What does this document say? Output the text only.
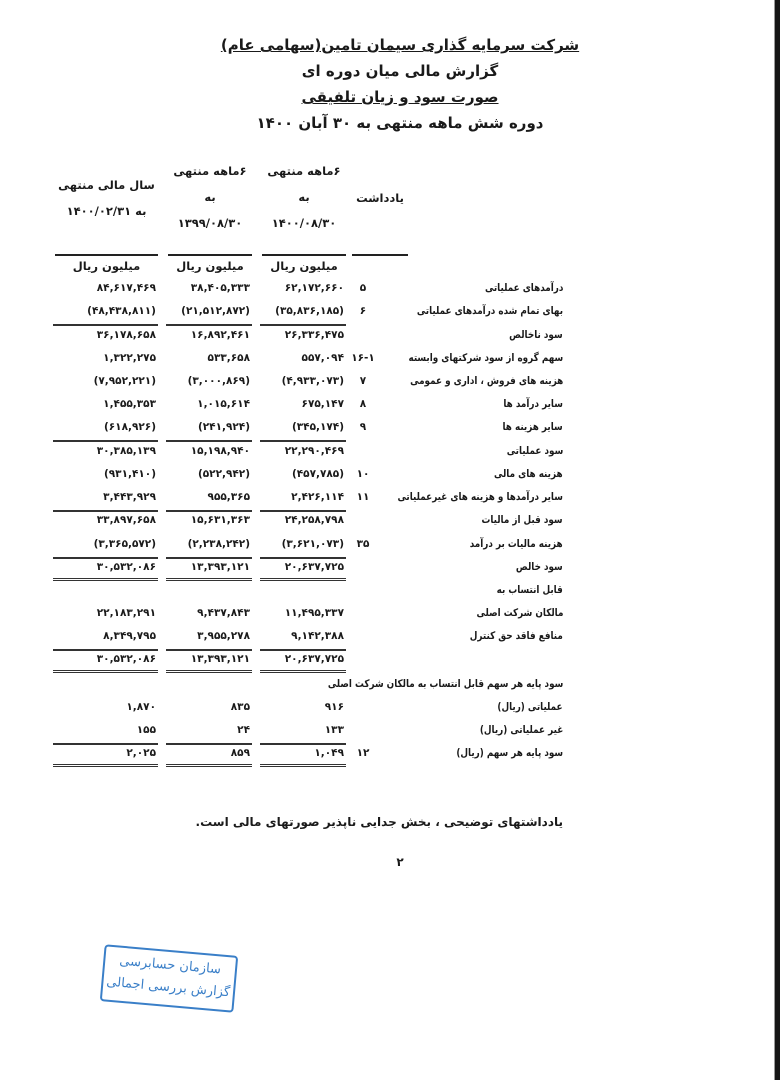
شرکت سرمایه گذاری سیمان تامین(سهامی عام)
گزارش مالی میان دوره ای
صورت سود و زیان تلفیقی
دوره شش ماهه منتهی به ۳۰ آبان ۱۴۰۰
یادداشت
۶ماهه منتهی
به
۱۴۰۰/۰۸/۳۰
۶ماهه منتهی
به
۱۳۹۹/۰۸/۳۰
سال مالی منتهی
به ۱۴۰۰/۰۲/۳۱
میلیون ریال
میلیون ریال
میلیون ریال
درآمدهای عملیاتی
۵
۶۲,۱۷۲,۶۶۰
۳۸,۴۰۵,۳۳۳
۸۴,۶۱۷,۴۶۹
بهای تمام شده درآمدهای عملیاتی
۶
(۳۵,۸۳۶,۱۸۵)
(۲۱,۵۱۲,۸۷۲)
(۴۸,۴۳۸,۸۱۱)
سود ناخالص
۲۶,۳۳۶,۴۷۵
۱۶,۸۹۲,۴۶۱
۳۶,۱۷۸,۶۵۸
سهم گروه از سود شرکتهای وابسته
۱۶-۱
۵۵۷,۰۹۴
۵۳۳,۶۵۸
۱,۳۲۲,۲۷۵
هزینه های فروش ، اداری و عمومی
۷
(۴,۹۳۳,۰۷۳)
(۳,۰۰۰,۸۶۹)
(۷,۹۵۲,۲۲۱)
سایر درآمد ها
۸
۶۷۵,۱۴۷
۱,۰۱۵,۶۱۴
۱,۴۵۵,۳۵۳
سایر هزینه ها
۹
(۳۴۵,۱۷۴)
(۲۴۱,۹۲۴)
(۶۱۸,۹۲۶)
سود عملیاتی
۲۲,۲۹۰,۴۶۹
۱۵,۱۹۸,۹۴۰
۳۰,۳۸۵,۱۳۹
هزینه های مالی
۱۰
(۴۵۷,۷۸۵)
(۵۲۲,۹۴۲)
(۹۳۱,۴۱۰)
سایر درآمدها و هزینه های غیرعملیاتی
۱۱
۲,۴۲۶,۱۱۴
۹۵۵,۳۶۵
۳,۴۴۳,۹۲۹
سود قبل از مالیات
۲۴,۲۵۸,۷۹۸
۱۵,۶۳۱,۳۶۳
۳۳,۸۹۷,۶۵۸
هزینه مالیات بر درآمد
۳۵
(۳,۶۲۱,۰۷۳)
(۲,۲۳۸,۲۴۲)
(۳,۳۶۵,۵۷۲)
سود خالص
۲۰,۶۳۷,۷۲۵
۱۳,۳۹۳,۱۲۱
۳۰,۵۳۲,۰۸۶
قابل انتساب به
مالکان شرکت اصلی
۱۱,۴۹۵,۳۳۷
۹,۴۳۷,۸۴۳
۲۲,۱۸۳,۲۹۱
منافع فاقد حق کنترل
۹,۱۴۲,۳۸۸
۳,۹۵۵,۲۷۸
۸,۳۴۹,۷۹۵
۲۰,۶۳۷,۷۲۵
۱۳,۳۹۳,۱۲۱
۳۰,۵۳۲,۰۸۶
سود پایه هر سهم قابل انتساب به مالکان شرکت اصلی
عملیاتی (ریال)
۹۱۶
۸۳۵
۱,۸۷۰
غیر عملیاتی (ریال)
۱۳۳
۲۴
۱۵۵
سود پایه هر سهم (ریال)
۱۲
۱,۰۴۹
۸۵۹
۲,۰۲۵
یادداشتهای توضیحی ، بخش جدایی ناپذیر صورتهای مالی است.
۲
سازمان حسابرسی
گزارش بررسی اجمالی
